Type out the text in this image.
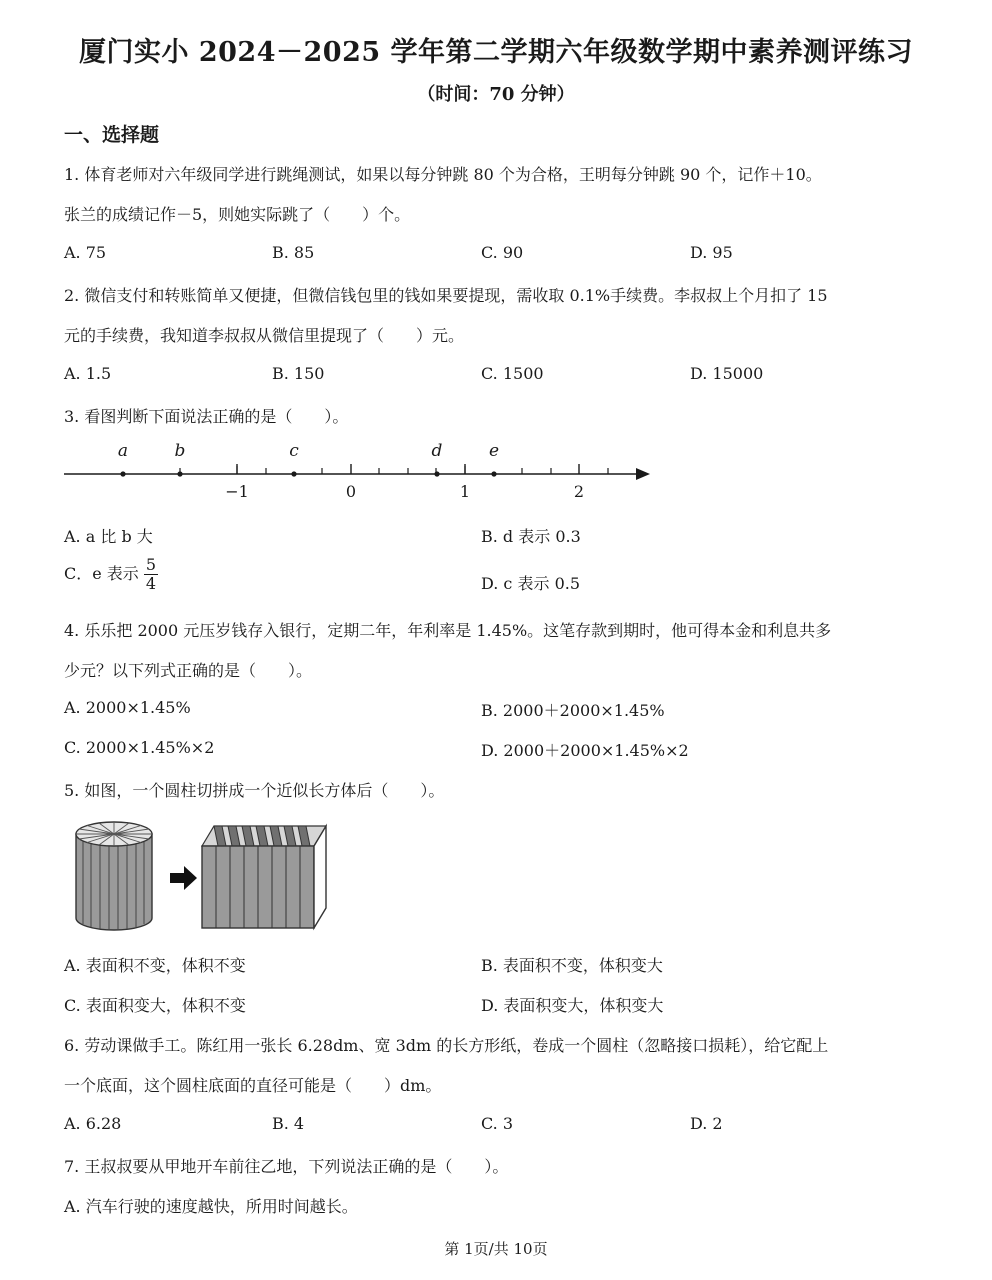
厦门实小 2024－2025 学年第二学期六年级数学期中素养测评练习
（时间：70 分钟）
一、选择题
1. 体育老师对六年级同学进行跳绳测试，如果以每分钟跳 80 个为合格，王明每分钟跳 90 个，记作＋10。
张兰的成绩记作－5，则她实际跳了（　　）个。
A. 75	B. 85	C. 90	D. 95
2. 微信支付和转账简单又便捷，但微信钱包里的钱如果要提现，需收取 0.1%手续费。李叔叔上个月扣了 15
元的手续费，我知道李叔叔从微信里提现了（　　）元。
A. 1.5	B. 150	C. 1500	D. 15000
3. 看图判断下面说法正确的是（　　）。
a	b	c	d	e
−1	0	1	2
A. a 比 b 大	B. d 表示 0.3
C．e 表示 $\frac{5}{4}$	D. c 表示 0.5
4. 乐乐把 2000 元压岁钱存入银行，定期二年，年利率是 1.45%。这笔存款到期时，他可得本金和利息共多
少元？以下列式正确的是（　　）。
A. 2000×1.45%	B. 2000＋2000×1.45%
C. 2000×1.45%×2	D. 2000＋2000×1.45%×2
5. 如图，一个圆柱切拼成一个近似长方体后（　　）。
A. 表面积不变，体积不变	B. 表面积不变，体积变大
C. 表面积变大，体积不变	D. 表面积变大，体积变大
6. 劳动课做手工。陈红用一张长 6.28dm、宽 3dm 的长方形纸，卷成一个圆柱（忽略接口损耗），给它配上
一个底面，这个圆柱底面的直径可能是（　　）dm。
A. 6.28	B. 4	C. 3	D. 2
7. 王叔叔要从甲地开车前往乙地，下列说法正确的是（　　）。
A. 汽车行驶的速度越快，所用时间越长。
第 1页/共 10页
